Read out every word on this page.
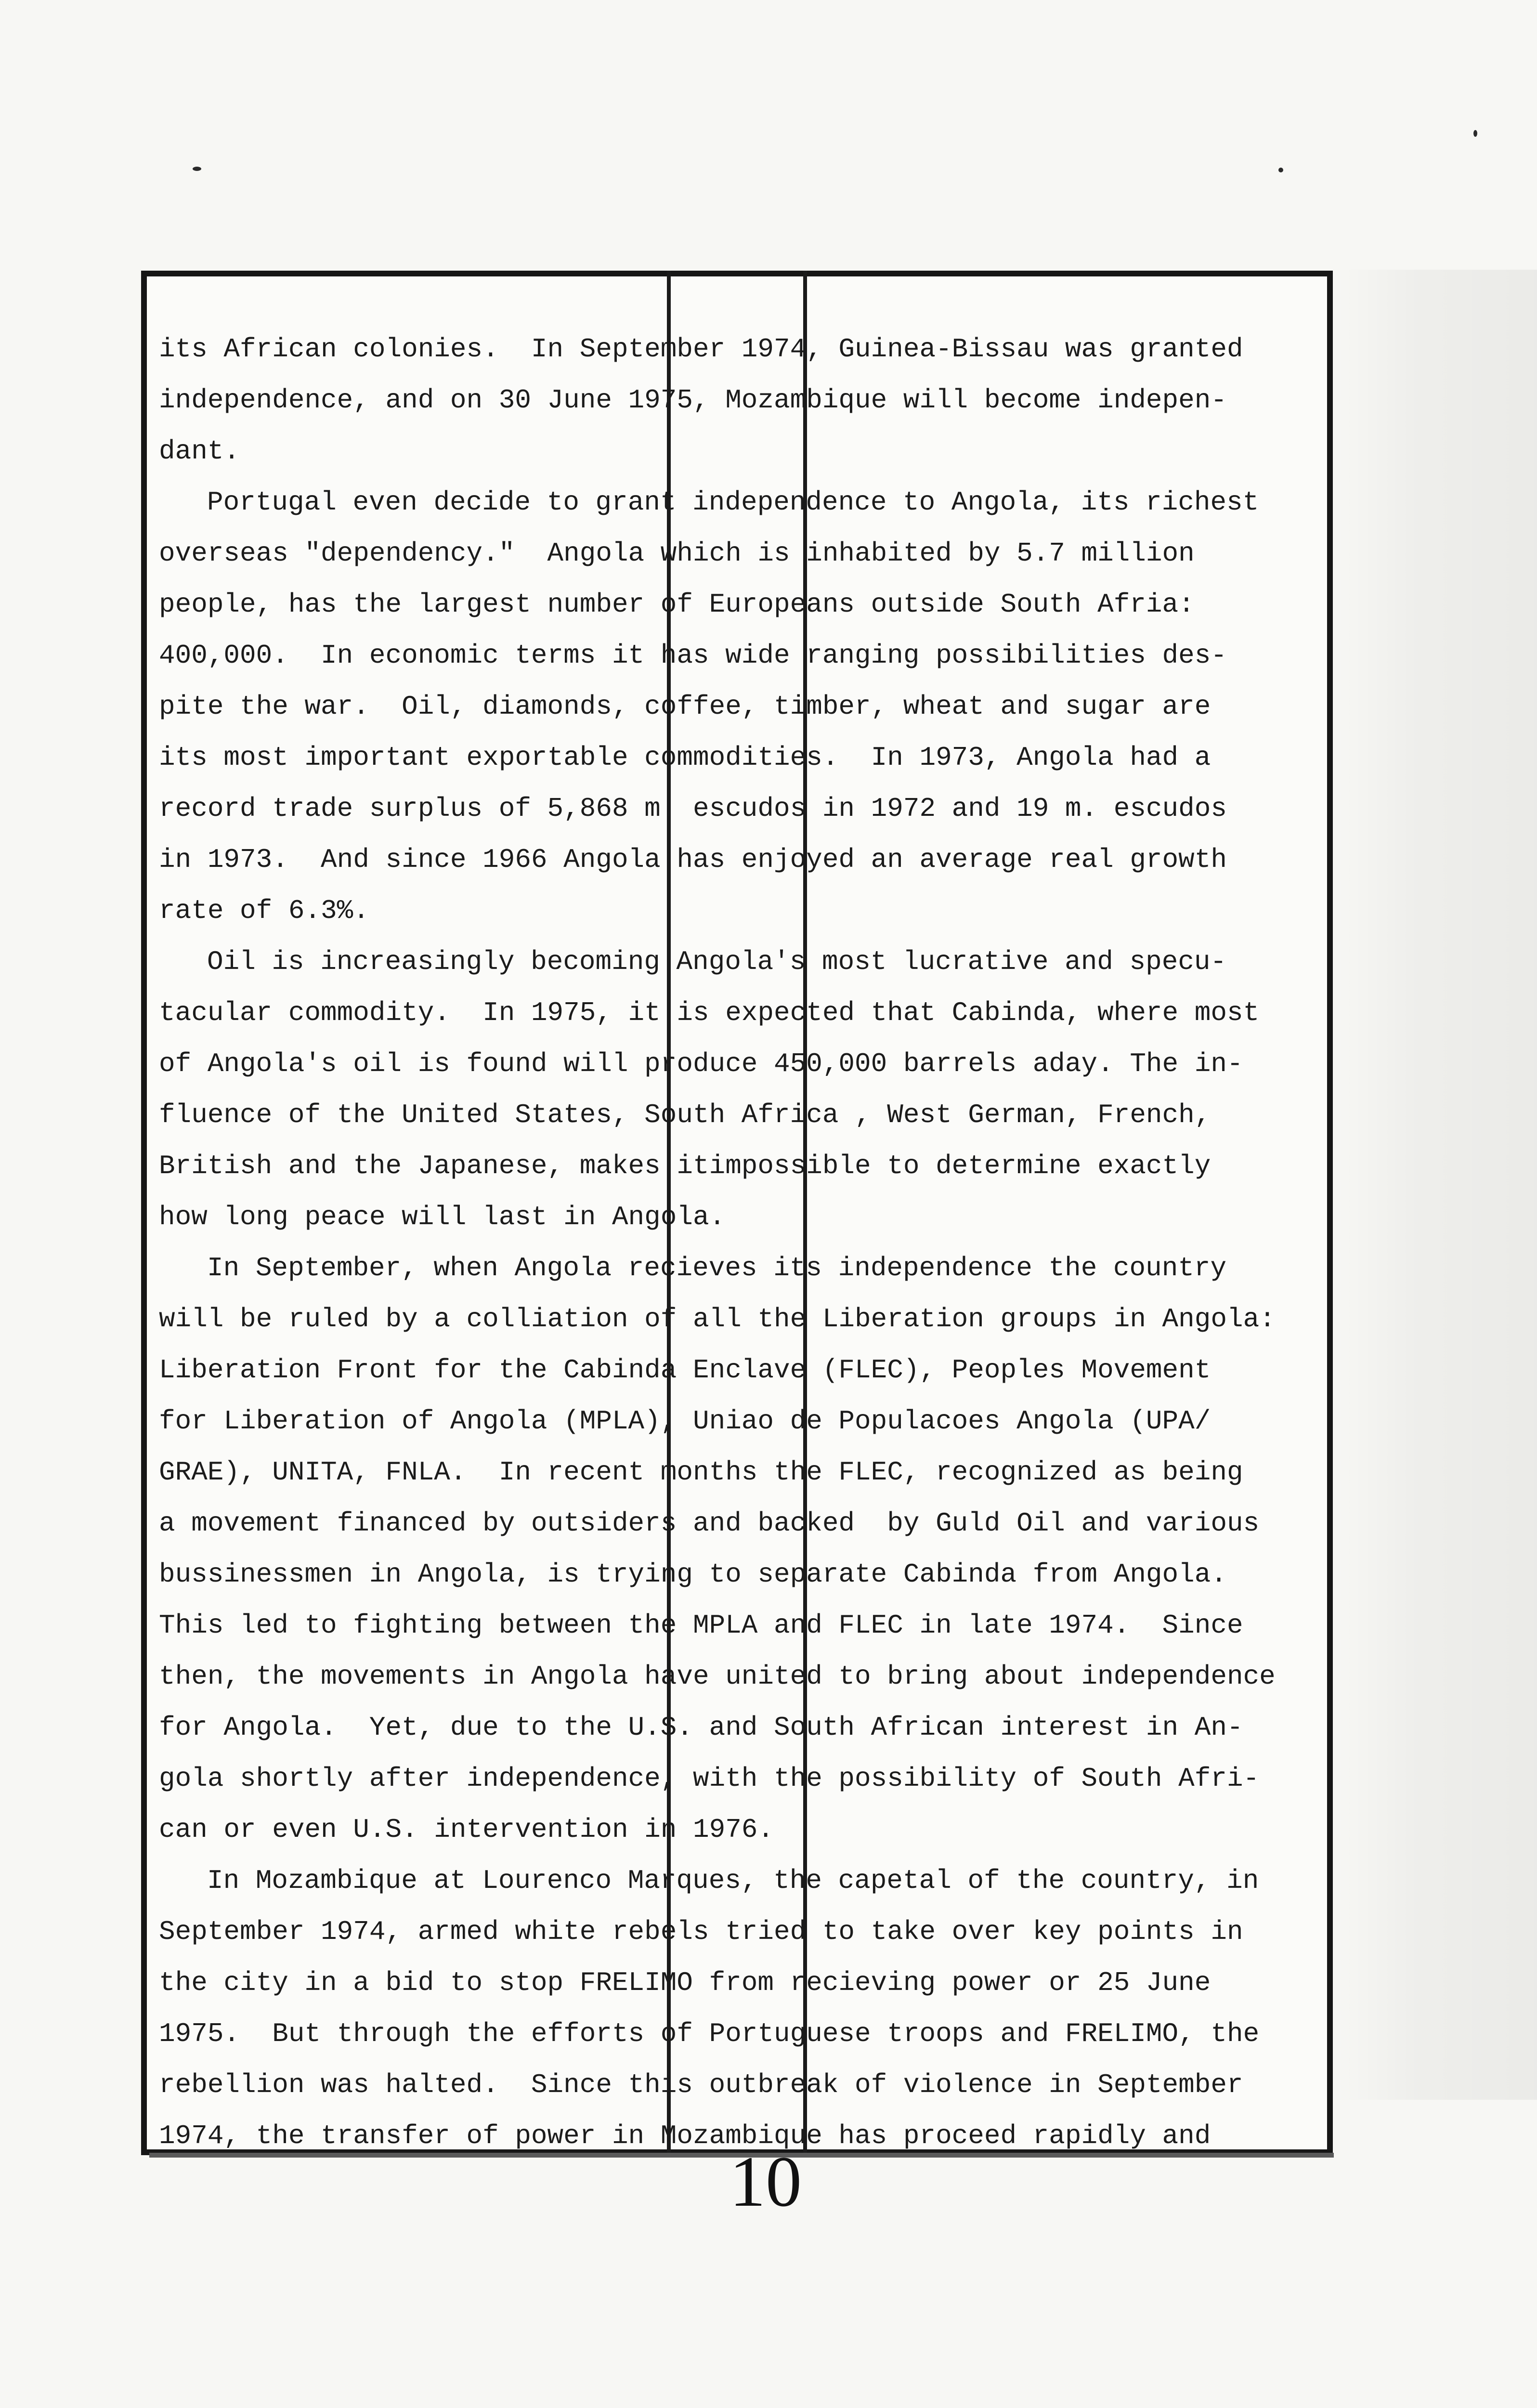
its African colonies.  In September 1974, Guinea-Bissau was granted
independence, and on 30 June 1975, Mozambique will become indepen-
dant.
Portugal even decide to grant independence to Angola, its richest
overseas "dependency."  Angola which is inhabited by 5.7 million
people, has the largest number of Europeans outside South Afria:
400,000.  In economic terms it has wide ranging possibilities des-
pite the war.  Oil, diamonds, coffee, timber, wheat and sugar are
its most important exportable commodities.  In 1973, Angola had a
record trade surplus of 5,868 m. escudos in 1972 and 19 m. escudos
in 1973.  And since 1966 Angola has enjoyed an average real growth
rate of 6.3%.
Oil is increasingly becoming Angola's most lucrative and specu-
tacular commodity.  In 1975, it is expected that Cabinda, where most
of Angola's oil is found will produce 450,000 barrels aday. The in-
fluence of the United States, South Africa , West German, French,
British and the Japanese, makes itimpossible to determine exactly
how long peace will last in Angola.
In September, when Angola recieves its independence the country
will be ruled by a colliation of all the Liberation groups in Angola:
Liberation Front for the Cabinda Enclave (FLEC), Peoples Movement
for Liberation of Angola (MPLA), Uniao de Populacoes Angola (UPA/
GRAE), UNITA, FNLA.  In recent months the FLEC, recognized as being
a movement financed by outsiders and backed  by Guld Oil and various
bussinessmen in Angola, is trying to separate Cabinda from Angola.
This led to fighting between the MPLA and FLEC in late 1974.  Since
then, the movements in Angola have united to bring about independence
for Angola.  Yet, due to the U.S. and South African interest in An-
gola shortly after independence, with the possibility of South Afri-
can or even U.S. intervention in 1976.
In Mozambique at Lourenco Marques, the capetal of the country, in
September 1974, armed white rebels tried to take over key points in
the city in a bid to stop FRELIMO from recieving power or 25 June
1975.  But through the efforts of Portuguese troops and FRELIMO, the
rebellion was halted.  Since this outbreak of violence in September
1974, the transfer of power in Mozambique has proceed rapidly and
10
